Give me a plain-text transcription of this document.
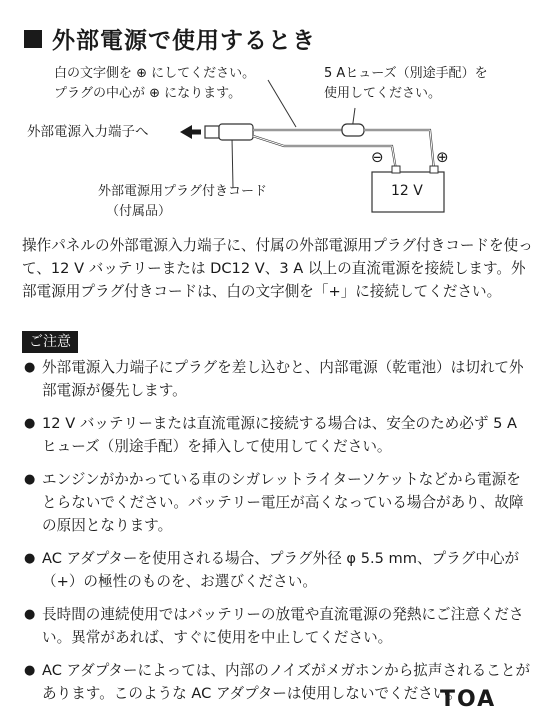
外部電源で使用するとき
白の文字側を ⊕ にしてください。
プラグの中心が ⊕ になります。
5 Aヒューズ（別途手配）を
使用してください。
外部電源入力端子へ
外部電源用プラグ付きコード
（付属品）
12 V
⊖	⊕

操作パネルの外部電源入力端子に、付属の外部電源用プラグ付きコードを使って、12 V バッテリーまたは DC12 V、3 A 以上の直流電源を接続します。外部電源用プラグ付きコードは、白の文字側を「+」に接続してください。

ご注意
● 外部電源入力端子にプラグを差し込むと、内部電源（乾電池）は切れて外部電源が優先します。
● 12 V バッテリーまたは直流電源に接続する場合は、安全のため必ず 5 A ヒューズ（別途手配）を挿入して使用してください。
● エンジンがかかっている車のシガレットライターソケットなどから電源をとらないでください。バッテリー電圧が高くなっている場合があり、故障の原因となります。
● AC アダプターを使用される場合、プラグ外径 φ 5.5 mm、プラグ中心が（+）の極性のものを、お選びください。
● 長時間の連続使用ではバッテリーの放電や直流電源の発熱にご注意ください。異常があれば、すぐに使用を中止してください。
● AC アダプターによっては、内部のノイズがメガホンから拡声されることがあります。このような AC アダプターは使用しないでください。
TOA
